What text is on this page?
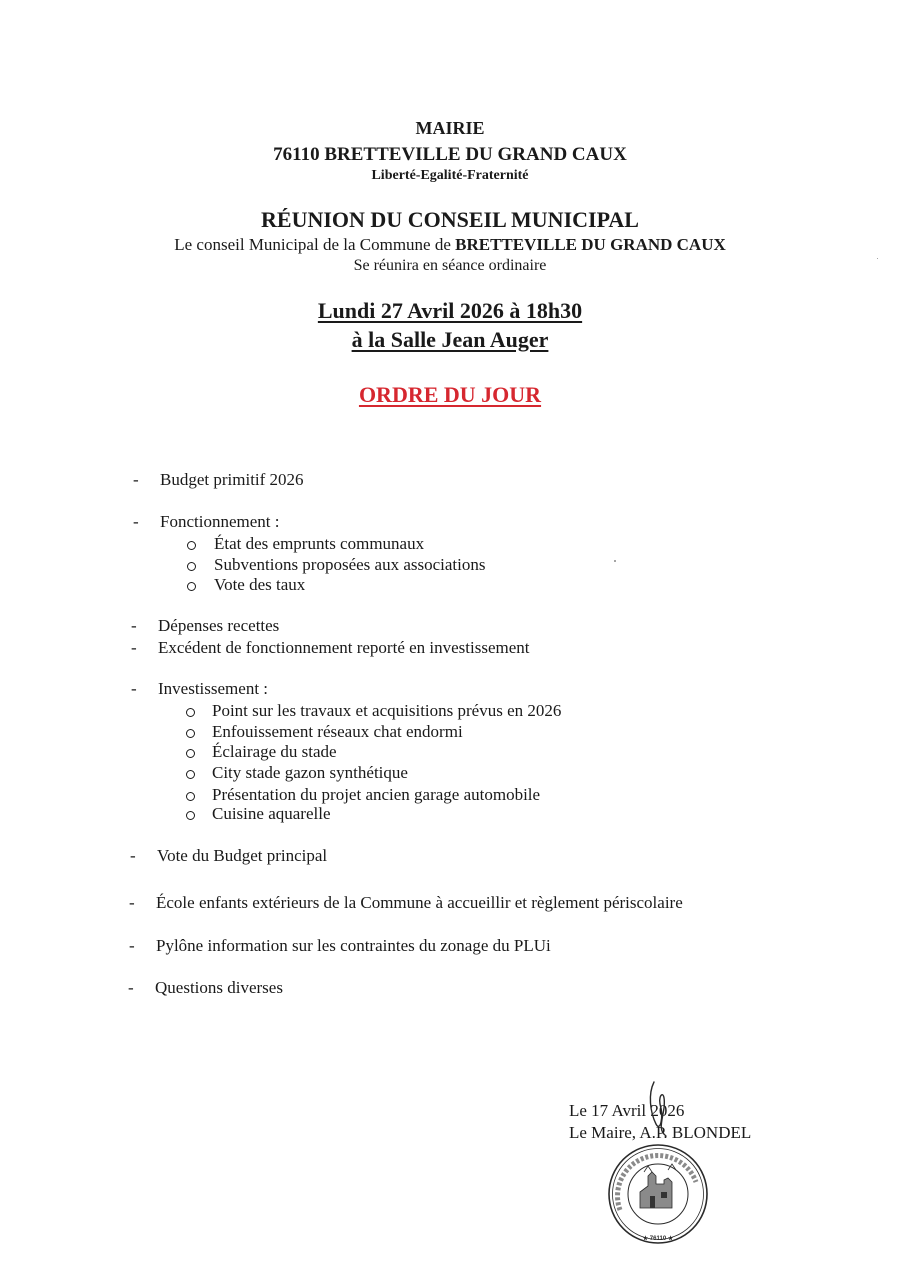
MAIRIE
76110 BRETTEVILLE DU GRAND CAUX
Liberté-Egalité-Fraternité
RÉUNION DU CONSEIL MUNICIPAL
Le conseil Municipal de la Commune de BRETTEVILLE DU GRAND CAUX
Se réunira en séance ordinaire
Lundi 27 Avril 2026 à 18h30
à la Salle Jean Auger
ORDRE DU JOUR
- Budget primitif 2026
- Fonctionnement :
État des emprunts communaux
Subventions proposées aux associations
Vote des taux
- Dépenses recettes
- Excédent de fonctionnement reporté en investissement
- Investissement :
Point sur les travaux et acquisitions prévus en 2026
Enfouissement réseaux chat endormi
Éclairage du stade
City stade gazon synthétique
Présentation du projet ancien garage automobile
Cuisine aquarelle
- Vote du Budget principal
- École enfants extérieurs de la Commune à accueillir et règlement périscolaire
- Pylône information sur les contraintes du zonage du PLUi
- Questions diverses
Le 17 Avril 2026
Le Maire, A.P. BLONDEL
★ 76110 ★
